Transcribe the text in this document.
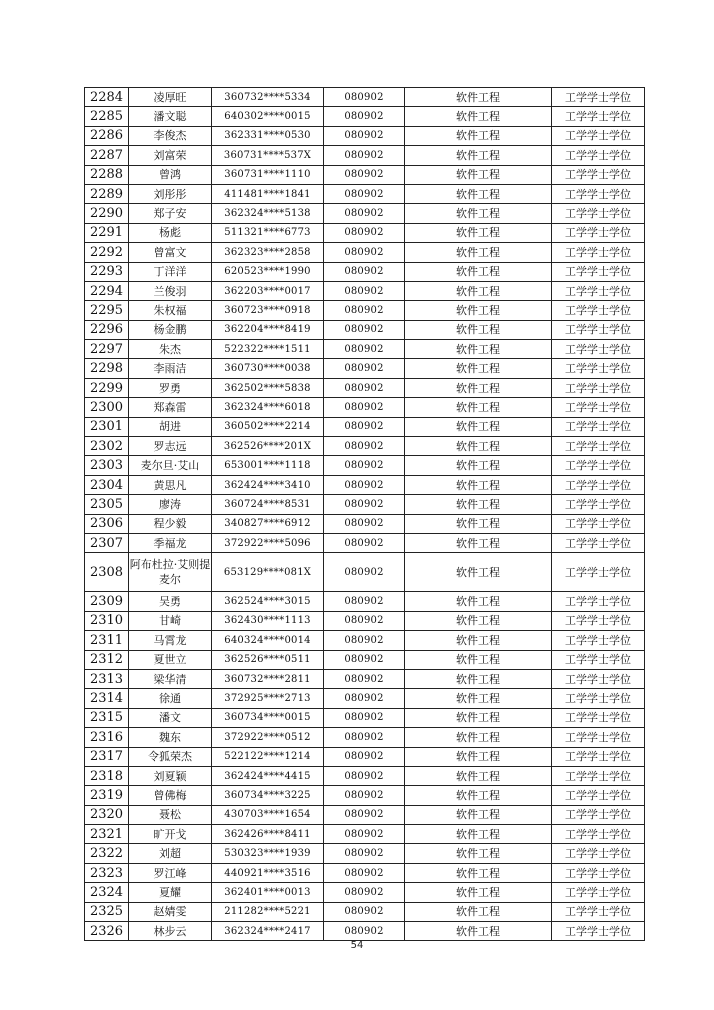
2284	凌厚旺	360732****5334	080902	软件工程	工学学士学位
2285	潘文聪	640302****0015	080902	软件工程	工学学士学位
2286	李俊杰	362331****0530	080902	软件工程	工学学士学位
2287	刘富荣	360731****537X	080902	软件工程	工学学士学位
2288	曾鸿	360731****1110	080902	软件工程	工学学士学位
2289	刘彤彤	411481****1841	080902	软件工程	工学学士学位
2290	郑子安	362324****5138	080902	软件工程	工学学士学位
2291	杨彪	511321****6773	080902	软件工程	工学学士学位
2292	曾富文	362323****2858	080902	软件工程	工学学士学位
2293	丁洋洋	620523****1990	080902	软件工程	工学学士学位
2294	兰俊羽	362203****0017	080902	软件工程	工学学士学位
2295	朱权福	360723****0918	080902	软件工程	工学学士学位
2296	杨金鹏	362204****8419	080902	软件工程	工学学士学位
2297	朱杰	522322****1511	080902	软件工程	工学学士学位
2298	李雨洁	360730****0038	080902	软件工程	工学学士学位
2299	罗勇	362502****5838	080902	软件工程	工学学士学位
2300	郑森雷	362324****6018	080902	软件工程	工学学士学位
2301	胡进	360502****2214	080902	软件工程	工学学士学位
2302	罗志远	362526****201X	080902	软件工程	工学学士学位
2303	麦尔旦·艾山	653001****1118	080902	软件工程	工学学士学位
2304	黄思凡	362424****3410	080902	软件工程	工学学士学位
2305	廖涛	360724****8531	080902	软件工程	工学学士学位
2306	程少毅	340827****6912	080902	软件工程	工学学士学位
2307	季福龙	372922****5096	080902	软件工程	工学学士学位
2308	阿布杜拉·艾则提麦尔	653129****081X	080902	软件工程	工学学士学位
2309	吴勇	362524****3015	080902	软件工程	工学学士学位
2310	甘崎	362430****1113	080902	软件工程	工学学士学位
2311	马霄龙	640324****0014	080902	软件工程	工学学士学位
2312	夏世立	362526****0511	080902	软件工程	工学学士学位
2313	梁华清	360732****2811	080902	软件工程	工学学士学位
2314	徐通	372925****2713	080902	软件工程	工学学士学位
2315	潘文	360734****0015	080902	软件工程	工学学士学位
2316	魏东	372922****0512	080902	软件工程	工学学士学位
2317	令狐荣杰	522122****1214	080902	软件工程	工学学士学位
2318	刘夏颖	362424****4415	080902	软件工程	工学学士学位
2319	曾佛梅	360734****3225	080902	软件工程	工学学士学位
2320	聂松	430703****1654	080902	软件工程	工学学士学位
2321	旷开戈	362426****8411	080902	软件工程	工学学士学位
2322	刘超	530323****1939	080902	软件工程	工学学士学位
2323	罗江峰	440921****3516	080902	软件工程	工学学士学位
2324	夏耀	362401****0013	080902	软件工程	工学学士学位
2325	赵婧雯	211282****5221	080902	软件工程	工学学士学位
2326	林步云	362324****2417	080902	软件工程	工学学士学位
54
